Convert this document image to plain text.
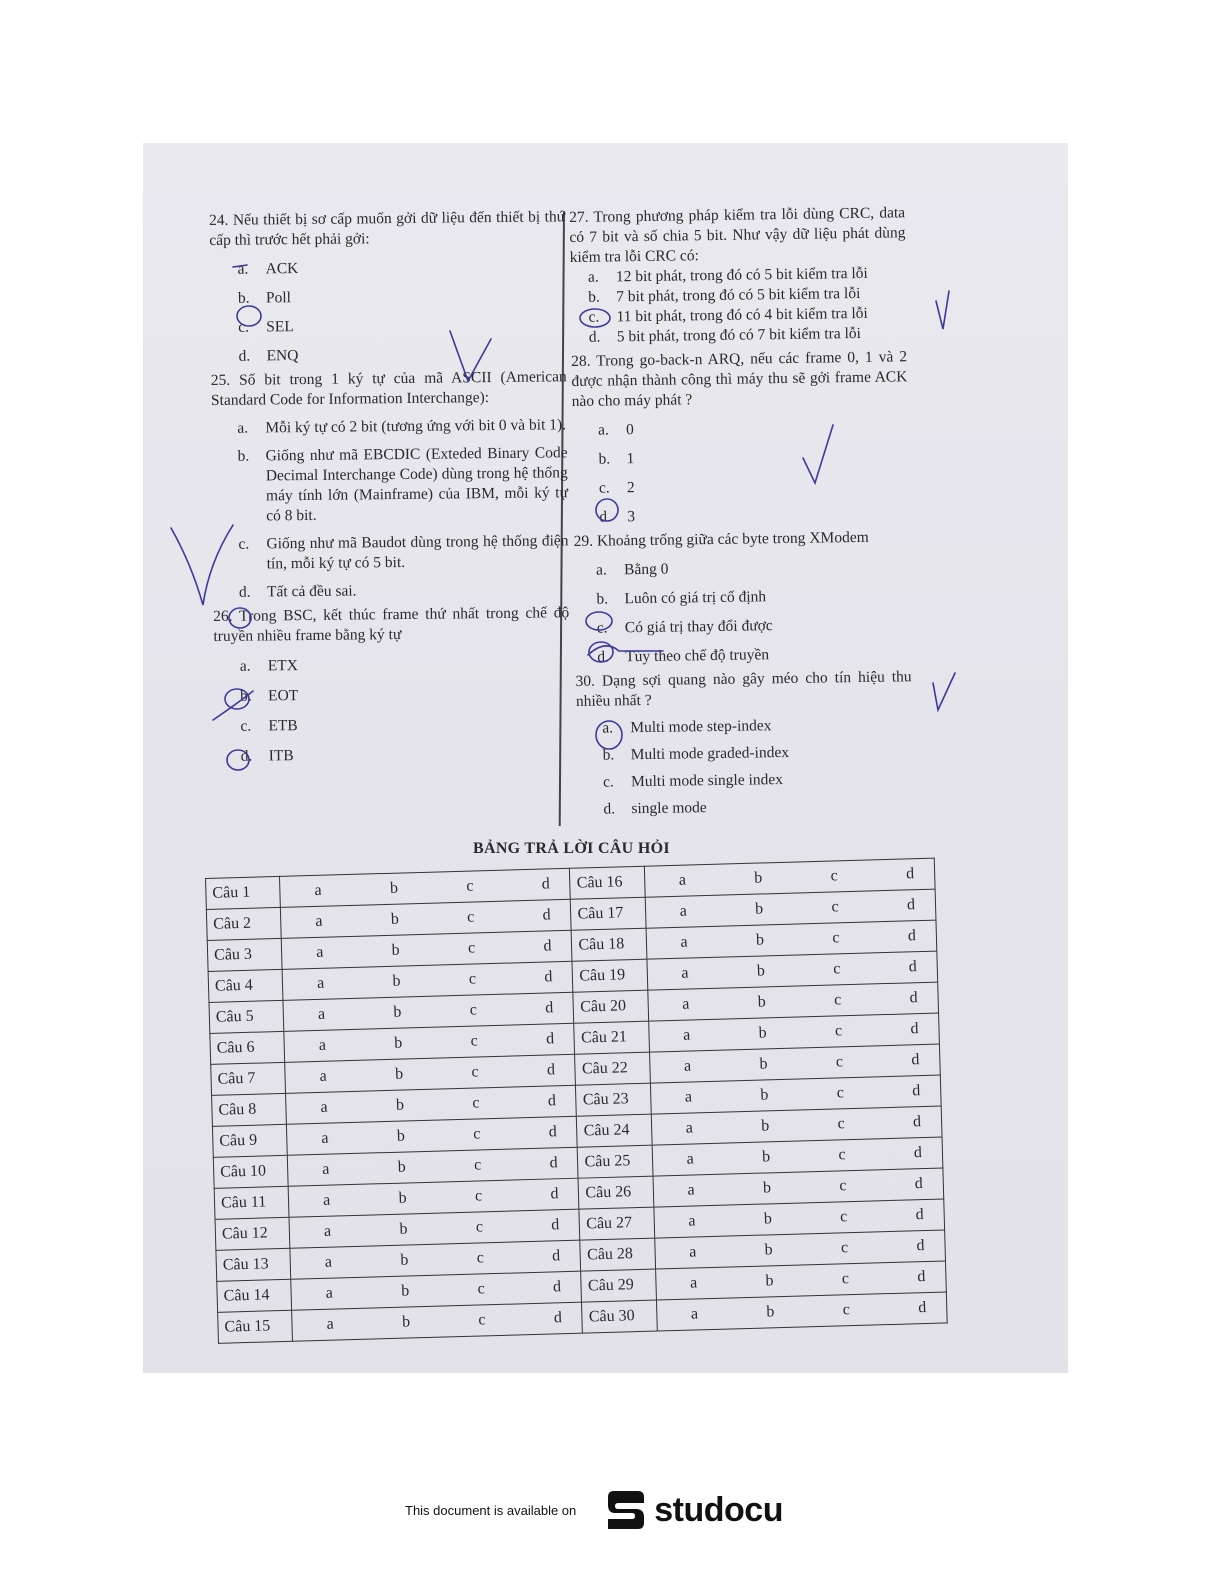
24. Nếu thiết bị sơ cấp muốn gởi dữ liệu đến thiết bị thứ cấp thì trước hết phải gởi:
a.	ACK
b.	Poll
c.	SEL
d.	ENQ
25. Số bit trong 1 ký tự của mã ASCII (American Standard Code for Information Interchange):
a.	Mỗi ký tự có 2 bit (tương ứng với bit 0 và bit 1).
b.	Giống như mã EBCDIC (Exteded Binary Code Decimal Interchange Code) dùng trong hệ thống máy tính lớn (Mainframe) của IBM, mỗi ký tự có 8 bit.
c.	Giống như mã Baudot dùng trong hệ thống điện tín, mỗi ký tự có 5 bit.
d.	Tất cả đều sai.
26. Trong BSC, kết thúc frame thứ nhất trong chế độ truyền nhiều frame bằng ký tự
a.	ETX
b.	EOT
c.	ETB
d.	ITB
27. Trong phương pháp kiểm tra lỗi dùng CRC, data có 7 bit và số chia 5 bit. Như vậy dữ liệu phát dùng kiểm tra lỗi CRC có:
a.	12 bit phát, trong đó có 5 bit kiểm tra lỗi
b.	7 bit phát, trong đó có 5 bit kiểm tra lỗi
c.	11 bit phát, trong đó có 4 bit kiểm tra lỗi
d.	5 bit phát, trong đó có 7 bit kiểm tra lỗi
28. Trong go-back-n ARQ, nếu các frame 0, 1 và 2 được nhận thành công thì máy thu sẽ gởi frame ACK nào cho máy phát ?
a.	0
b.	1
c.	2
d.	3
29. Khoảng trống giữa các byte trong XModem
a.	Bằng 0
b.	Luôn có giá trị cố định
c.	Có giá trị thay đổi được
d.	Tùy theo chế độ truyền
30. Dạng sợi quang nào gây méo cho tín hiệu thu nhiều nhất ?
a.	Multi mode step-index
b.	Multi mode graded-index
c.	Multi mode single index
d.	single mode
BẢNG TRẢ LỜI CÂU HỎI
Câu 1	a b c d	Câu 16	a b c d

Câu 2	a b c d	Câu 17	a b c d

Câu 3	a b c d	Câu 18	a b c d

Câu 4	a b c d	Câu 19	a b c d

Câu 5	a b c d	Câu 20	a b c d

Câu 6	a b c d	Câu 21	a b c d

Câu 7	a b c d	Câu 22	a b c d

Câu 8	a b c d	Câu 23	a b c d

Câu 9	a b c d	Câu 24	a b c d

Câu 10	a b c d	Câu 25	a b c d

Câu 11	a b c d	Câu 26	a b c d

Câu 12	a b c d	Câu 27	a b c d

Câu 13	a b c d	Câu 28	a b c d

Câu 14	a b c d	Câu 29	a b c d

Câu 15	a b c d	Câu 30	a b c d
This document is available on studocu
